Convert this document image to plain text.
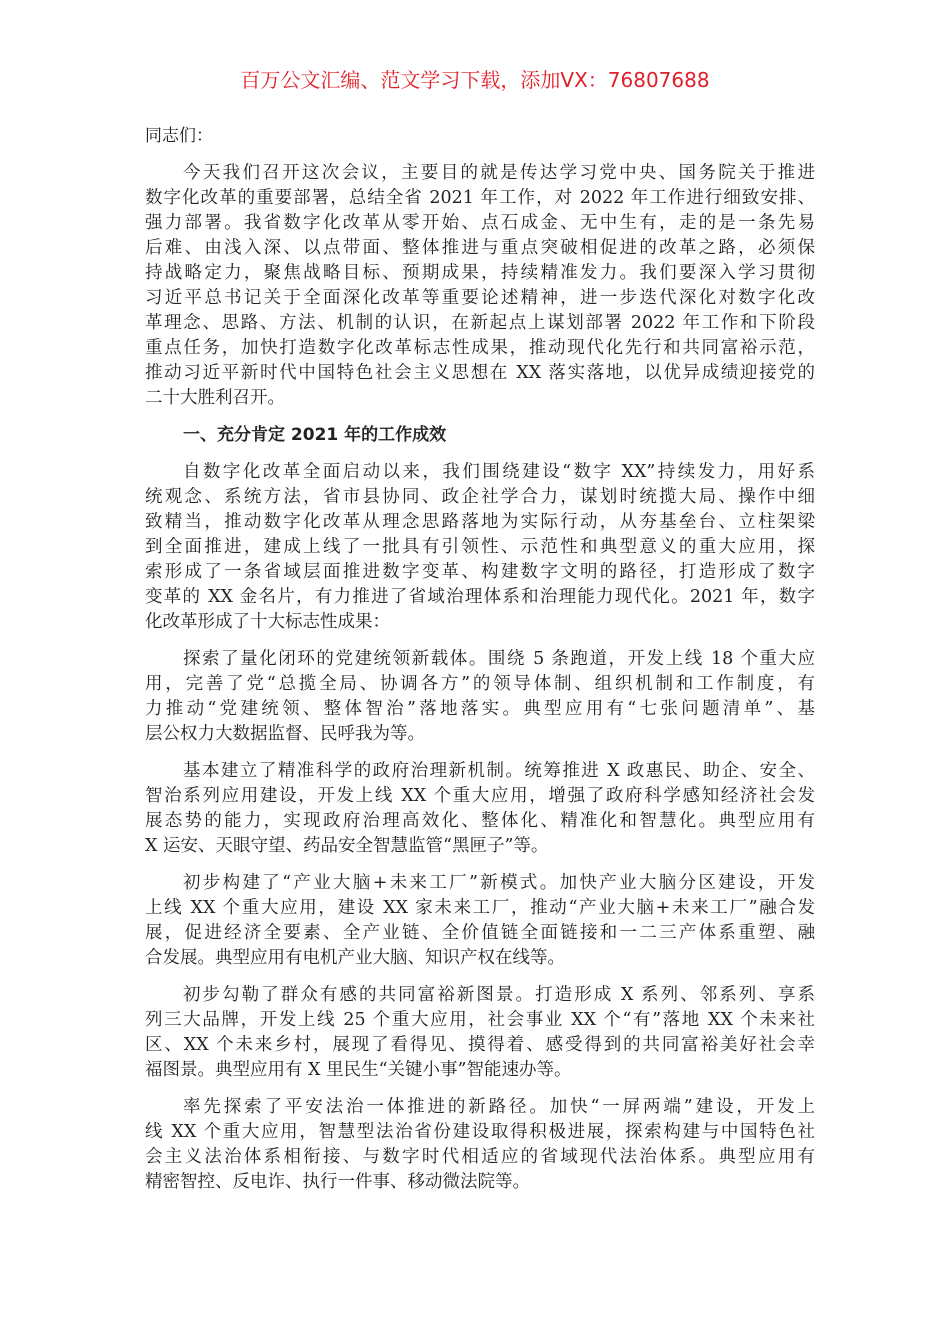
百万公文汇编、范文学习下载，添加VX：76807688
同志们：
今天我们召开这次会议，主要目的就是传达学习党中央、国务院关于推进
数字化改革的重要部署，总结全省 2021 年工作，对 2022 年工作进行细致安排、
强力部署。我省数字化改革从零开始、点石成金、无中生有，走的是一条先易
后难、由浅入深、以点带面、整体推进与重点突破相促进的改革之路，必须保
持战略定力，聚焦战略目标、预期成果，持续精准发力。我们要深入学习贯彻
习近平总书记关于全面深化改革等重要论述精神，进一步迭代深化对数字化改
革理念、思路、方法、机制的认识，在新起点上谋划部署 2022 年工作和下阶段
重点任务，加快打造数字化改革标志性成果，推动现代化先行和共同富裕示范，
推动习近平新时代中国特色社会主义思想在 XX 落实落地，以优异成绩迎接党的
二十大胜利召开。
一、充分肯定 2021 年的工作成效
自数字化改革全面启动以来，我们围绕建设“数字 XX”持续发力，用好系
统观念、系统方法，省市县协同、政企社学合力，谋划时统揽大局、操作中细
致精当，推动数字化改革从理念思路落地为实际行动，从夯基垒台、立柱架梁
到全面推进，建成上线了一批具有引领性、示范性和典型意义的重大应用，探
索形成了一条省域层面推进数字变革、构建数字文明的路径，打造形成了数字
变革的 XX 金名片，有力推进了省域治理体系和治理能力现代化。2021 年，数字
化改革形成了十大标志性成果：
探索了量化闭环的党建统领新载体。围绕 5 条跑道，开发上线 18 个重大应
用，完善了党“总揽全局、协调各方”的领导体制、组织机制和工作制度，有
力推动“党建统领、整体智治”落地落实。典型应用有“七张问题清单”、基
层公权力大数据监督、民呼我为等。
基本建立了精准科学的政府治理新机制。统筹推进 X 政惠民、助企、安全、
智治系列应用建设，开发上线 XX 个重大应用，增强了政府科学感知经济社会发
展态势的能力，实现政府治理高效化、整体化、精准化和智慧化。典型应用有
X 运安、天眼守望、药品安全智慧监管“黑匣子”等。
初步构建了“产业大脑+未来工厂”新模式。加快产业大脑分区建设，开发
上线 XX 个重大应用，建设 XX 家未来工厂，推动“产业大脑+未来工厂”融合发
展，促进经济全要素、全产业链、全价值链全面链接和一二三产体系重塑、融
合发展。典型应用有电机产业大脑、知识产权在线等。
初步勾勒了群众有感的共同富裕新图景。打造形成 X 系列、邻系列、享系
列三大品牌，开发上线 25 个重大应用，社会事业 XX 个“有”落地 XX 个未来社
区、XX 个未来乡村，展现了看得见、摸得着、感受得到的共同富裕美好社会幸
福图景。典型应用有 X 里民生“关键小事”智能速办等。
率先探索了平安法治一体推进的新路径。加快“一屏两端”建设，开发上
线 XX 个重大应用，智慧型法治省份建设取得积极进展，探索构建与中国特色社
会主义法治体系相衔接、与数字时代相适应的省域现代法治体系。典型应用有
精密智控、反电诈、执行一件事、移动微法院等。
